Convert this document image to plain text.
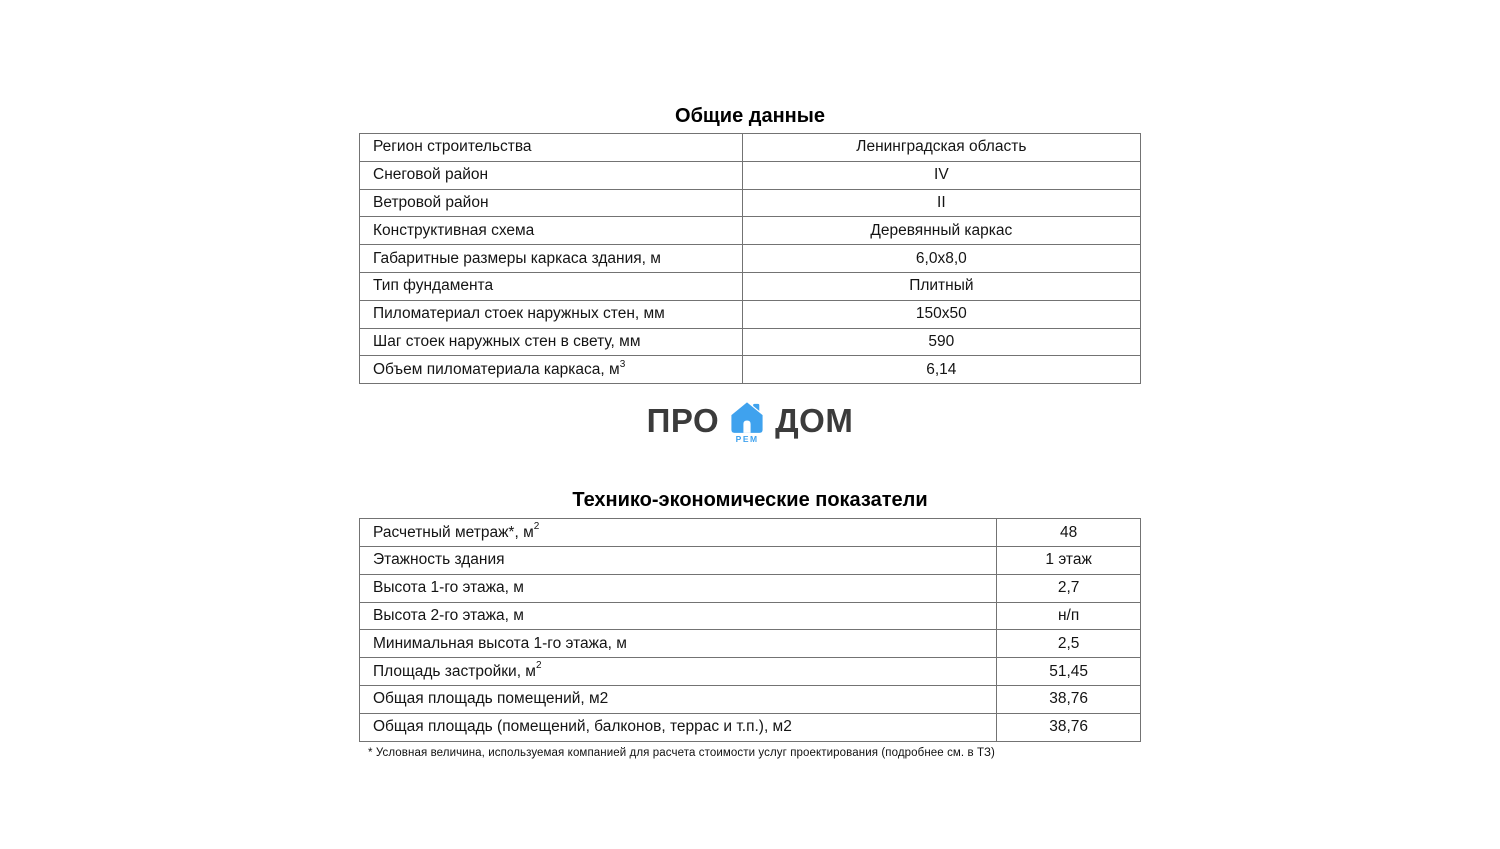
Общие данные
Регион строительства	Ленинградская область
Снеговой район	IV
Ветровой район	II
Конструктивная схема	Деревянный каркас
Габаритные размеры каркаса здания, м	6,0x8,0
Тип фундамента	Плитный
Пиломатериал стоек наружных стен, мм	150x50
Шаг стоек наружных стен в свету, мм	590
Объем пиломатериала каркаса, $м^3$	6,14
ПРО РЕМ ДОМ
Технико-экономические показатели
Расчетный метраж*, $м^2$	48
Этажность здания	1 этаж
Высота 1-го этажа, м	2,7
Высота 2-го этажа, м	н/п
Минимальная высота 1-го этажа, м	2,5
Площадь застройки, $м^2$	51,45
Общая площадь помещений, м2	38,76
Общая площадь (помещений, балконов, террас и т.п.), м2	38,76
* Условная величина, используемая компанией для расчета стоимости услуг проектирования (подробнее см. в ТЗ)
